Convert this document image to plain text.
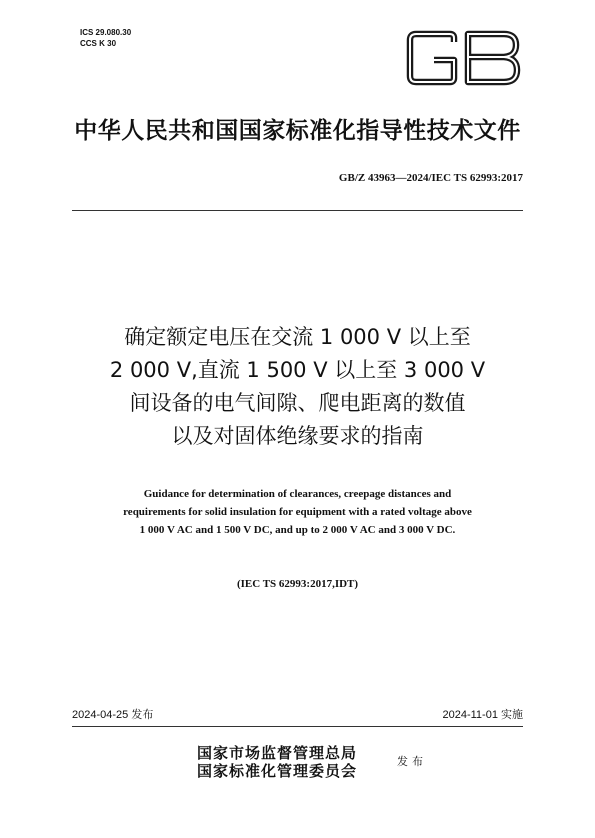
ICS 29.080.30
CCS K 30
中华人民共和国国家标准化指导性技术文件
GB/Z 43963—2024/IEC TS 62993:2017
确定额定电压在交流 1 000 V 以上至
2 000 V,直流 1 500 V 以上至 3 000 V
间设备的电气间隙、爬电距离的数值
以及对固体绝缘要求的指南
Guidance for determination of clearances, creepage distances and
requirements for solid insulation for equipment with a rated voltage above
1 000 V AC and 1 500 V DC, and up to 2 000 V AC and 3 000 V DC.
(IEC TS 62993:2017,IDT)
2024-04-25 发布	2024-11-01 实施
国家市场监督管理总局
国家标准化管理委员会
发布
